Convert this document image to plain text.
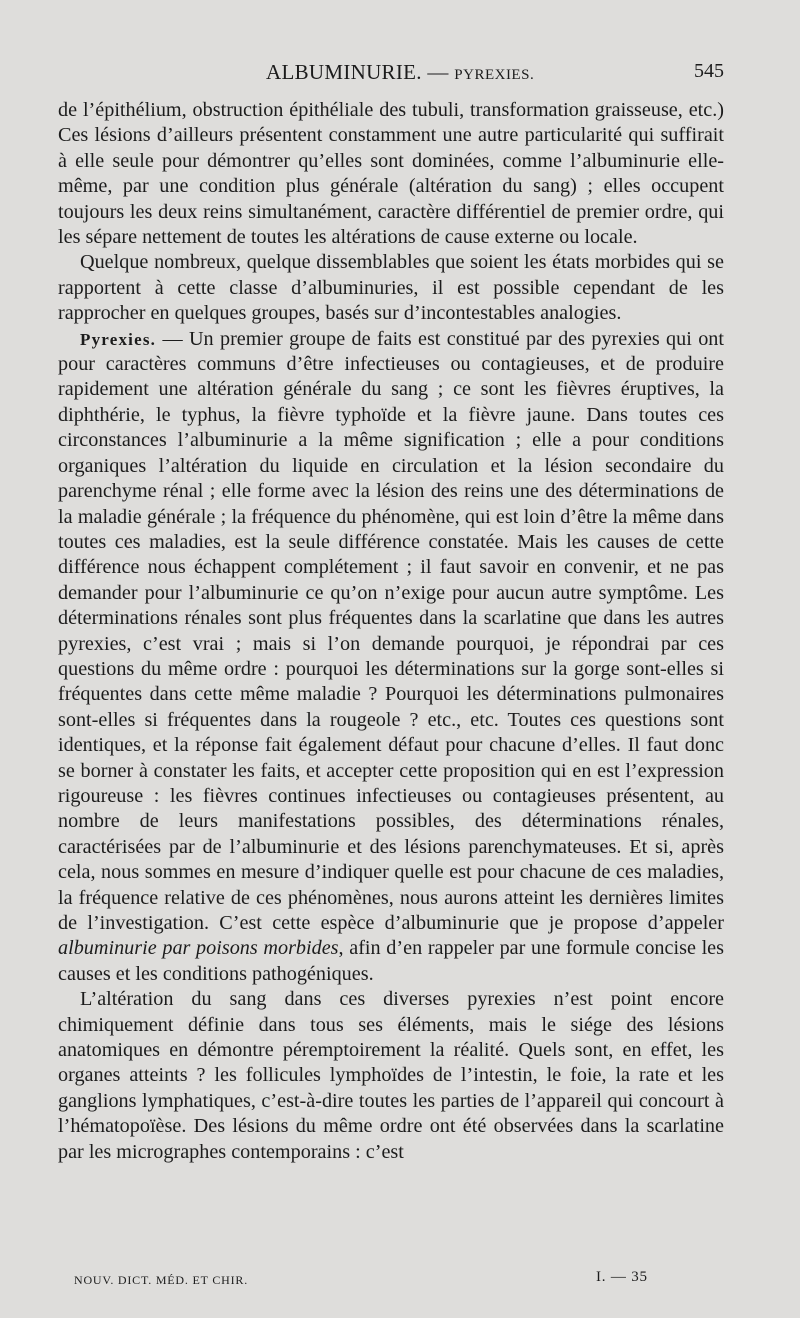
ALBUMINURIE. — PYREXIES.	545

de l’épithélium, obstruction épithéliale des tubuli, transformation graisseuse, etc.) Ces lésions d’ailleurs présentent constamment une autre particularité qui suffirait à elle seule pour démontrer qu’elles sont dominées, comme l’albuminurie elle-même, par une condition plus générale (altération du sang) ; elles occupent toujours les deux reins simultanément, caractère différentiel de premier ordre, qui les sépare nettement de toutes les altérations de cause externe ou locale.

Quelque nombreux, quelque dissemblables que soient les états morbides qui se rapportent à cette classe d’albuminuries, il est possible cependant de les rapprocher en quelques groupes, basés sur d’incontestables analogies.

Pyrexies. — Un premier groupe de faits est constitué par des pyrexies qui ont pour caractères communs d’être infectieuses ou contagieuses, et de produire rapidement une altération générale du sang ; ce sont les fièvres éruptives, la diphthérie, le typhus, la fièvre typhoïde et la fièvre jaune. Dans toutes ces circonstances l’albuminurie a la même signification ; elle a pour conditions organiques l’altération du liquide en circulation et la lésion secondaire du parenchyme rénal ; elle forme avec la lésion des reins une des déterminations de la maladie générale ; la fréquence du phénomène, qui est loin d’être la même dans toutes ces maladies, est la seule différence constatée. Mais les causes de cette différence nous échappent complétement ; il faut savoir en convenir, et ne pas demander pour l’albuminurie ce qu’on n’exige pour aucun autre symptôme. Les déterminations rénales sont plus fréquentes dans la scarlatine que dans les autres pyrexies, c’est vrai ; mais si l’on demande pourquoi, je répondrai par ces questions du même ordre : pourquoi les déterminations sur la gorge sont-elles si fréquentes dans cette même maladie ? Pourquoi les déterminations pulmonaires sont-elles si fréquentes dans la rougeole ? etc., etc. Toutes ces questions sont identiques, et la réponse fait également défaut pour chacune d’elles. Il faut donc se borner à constater les faits, et accepter cette proposition qui en est l’expression rigoureuse : les fièvres continues infectieuses ou contagieuses présentent, au nombre de leurs manifestations possibles, des déterminations rénales, caractérisées par de l’albuminurie et des lésions parenchymateuses. Et si, après cela, nous sommes en mesure d’indiquer quelle est pour chacune de ces maladies, la fréquence relative de ces phénomènes, nous aurons atteint les dernières limites de l’investigation. C’est cette espèce d’albuminurie que je propose d’appeler albuminurie par poisons morbides, afin d’en rappeler par une formule concise les causes et les conditions pathogéniques.

L’altération du sang dans ces diverses pyrexies n’est point encore chimiquement définie dans tous ses éléments, mais le siége des lésions anatomiques en démontre péremptoirement la réalité. Quels sont, en effet, les organes atteints ? les follicules lymphoïdes de l’intestin, le foie, la rate et les ganglions lymphatiques, c’est-à-dire toutes les parties de l’appareil qui concourt à l’hématopoïèse. Des lésions du même ordre ont été observées dans la scarlatine par les micrographes contemporains : c’est

NOUV. DICT. MÉD. ET CHIR.	I. — 35
